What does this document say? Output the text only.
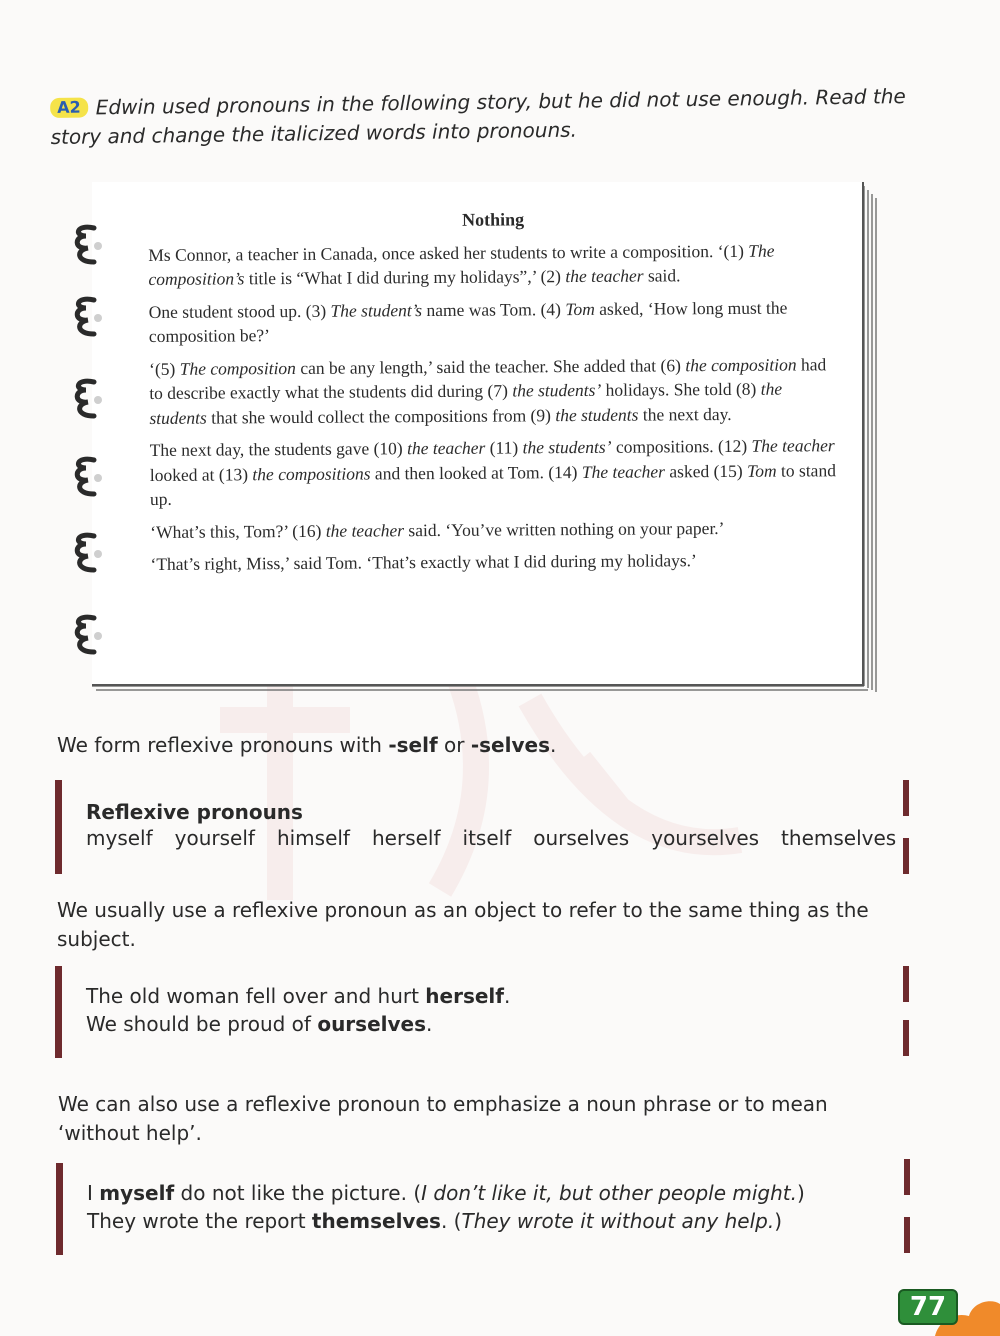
A2 Edwin used pronouns in the following story, but he did not use enough. Read the story and change the italicized words into pronouns.
Nothing

Ms Connor, a teacher in Canada, once asked her students to write a composition. ‘(1) The composition’s title is “What I did during my holidays”,’ (2) the teacher said.

One student stood up. (3) The student’s name was Tom. (4) Tom asked, ‘How long must the composition be?’

‘(5) The composition can be any length,’ said the teacher. She added that (6) the composition had to describe exactly what the students did during (7) the students’ holidays. She told (8) the students that she would collect the compositions from (9) the students the next day.

The next day, the students gave (10) the teacher (11) the students’ compositions. (12) The teacher looked at (13) the compositions and then looked at Tom. (14) The teacher asked (15) Tom to stand up.

‘What’s this, Tom?’ (16) the teacher said. ‘You’ve written nothing on your paper.’

‘That’s right, Miss,’ said Tom. ‘That’s exactly what I did during my holidays.’

We form reflexive pronouns with -self or -selves.
Reflexive pronouns
myself yourself himself herself itself ourselves yourselves themselves
We usually use a reflexive pronoun as an object to refer to the same thing as the subject.
The old woman fell over and hurt herself.
We should be proud of ourselves.
We can also use a reflexive pronoun to emphasize a noun phrase or to mean ‘without help’.
I myself do not like the picture. (I don’t like it, but other people might.)
They wrote the report themselves. (They wrote it without any help.)
77
